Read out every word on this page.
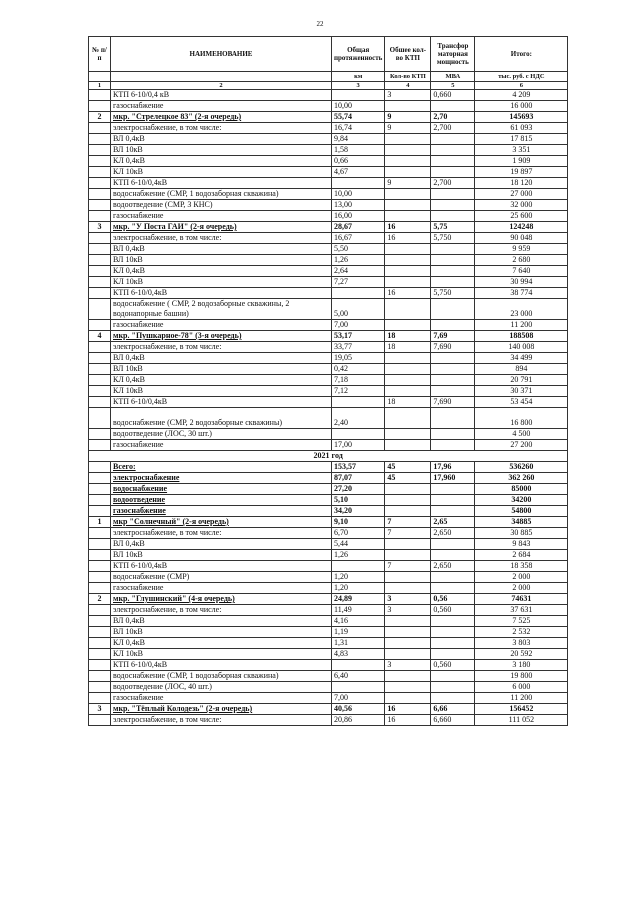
22
№ п/п	НАИМЕНОВАНИЕ	Общая протяженность	Обшее кол-во КТП	Трансфор маторная мощность	Итого:
		км	Кол-во КТП	МВА	тыс. руб. с НДС
1	2	3	4	5	6
	КТП 6-10/0,4 кВ		3	0,660	4 209
	газоснабжение	10,00			16 000
2	мкр. "Стрелецкое 83" (2-я очередь)	55,74	9	2,70	145693
	электроснабжение, в том числе:	16,74	9	2,700	61 093
	ВЛ 0,4кВ	9,84			17 815
	ВЛ 10кВ	1,58			3 351
	КЛ 0,4кВ	0,66			1 909
	КЛ 10кВ	4,67			19 897
	КТП 6-10/0,4кВ		9	2,700	18 120
	водоснабжение (СМР, 1 водозаборная скважина)	10,00			27 000
	водоотведение (СМР, 3 КНС)	13,00			32 000
	газоснабжение	16,00			25 600
3	мкр. "У Поста ГАИ" (2-я очередь)	28,67	16	5,75	124248
	электроснабжение, в том числе:	16,67	16	5,750	90 048
	ВЛ 0,4кВ	5,50			9 959
	ВЛ 10кВ	1,26			2 680
	КЛ 0,4кВ	2,64			7 640
	КЛ 10кВ	7,27			30 994
	КТП 6-10/0,4кВ		16	5,750	38 774
	водоснабжение ( СМР, 2 водозаборные скважины, 2 водонапорные башни)	5,00			23 000
	газоснабжение	7,00			11 200
4	мкр. "Пушкарное-78" (3-я очередь)	53,17	18	7,69	188508
	электроснабжение, в том числе:	33,77	18	7,690	140 008
	ВЛ 0,4кВ	19,05			34 499
	ВЛ 10кВ	0,42			894
	КЛ 0,4кВ	7,18			20 791
	КЛ 10кВ	7,12			30 371
	КТП 6-10/0,4кВ		18	7,690	53 454
	водоснабжение (СМР, 2 водозаборные скважины)	2,40			16 800
	водоотведение (ЛОС, 30 шт.)				4 500
	газоснабжение	17,00			27 200
2021 год					
	Всего:	153,57	45	17,96	536260
	электроснабжение	87,07	45	17,960	362 260
	водоснабжение	27,20			85000
	водоотведение	5,10			34200
	газоснабжение	34,20			54800
1	мкр "Солнечный" (2-я очередь)	9,10	7	2,65	34885
	электроснабжение, в том числе:	6,70	7	2,650	30 885
	ВЛ 0,4кВ	5,44			9 843
	ВЛ 10кВ	1,26			2 684
	КТП 6-10/0,4кВ		7	2,650	18 358
	водоснабжение (СМР)	1,20			2 000
	газоснабжение	1,20			2 000
2	мкр. "Глушинский" (4-я очередь)	24,89	3	0,56	74631
	электроснабжение, в том числе:	11,49	3	0,560	37 631
	ВЛ 0,4кВ	4,16			7 525
	ВЛ 10кВ	1,19			2 532
	КЛ 0,4кВ	1,31			3 803
	КЛ 10кВ	4,83			20 592
	КТП 6-10/0,4кВ		3	0,560	3 180
	водоснабжение (СМР, 1 водозаборная скважина)	6,40			19 800
	водоотведение (ЛОС, 40 шт.)				6 000
	газоснабжение	7,00			11 200
3	мкр. "Тёплый Колодезь" (2-я очередь)	40,56	16	6,66	156452
	электроснабжение, в том числе:	20,86	16	6,660	111 052
